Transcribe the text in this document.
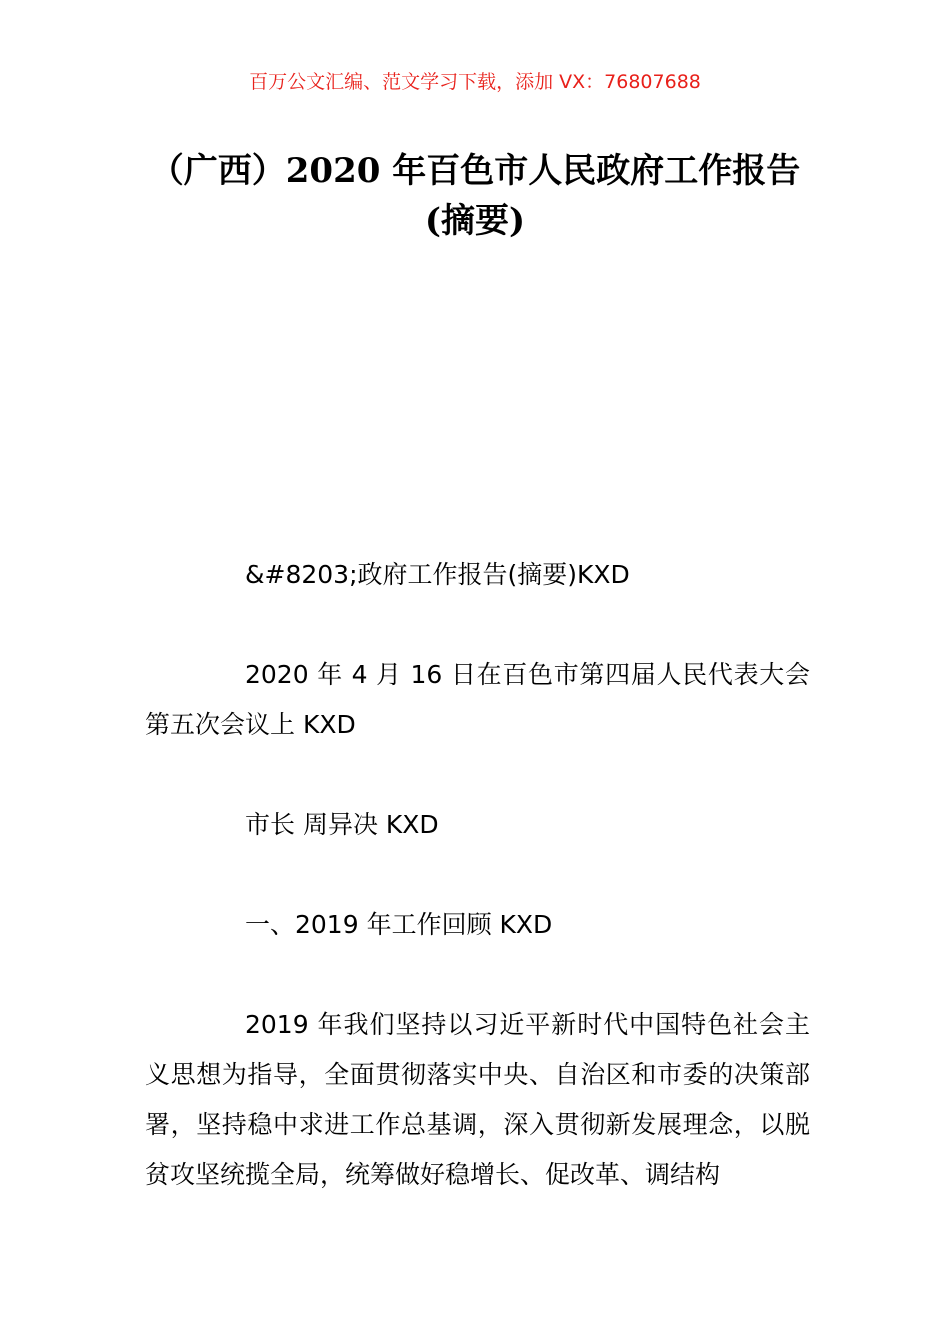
百万公文汇编、范文学习下载，添加 VX：76807688
（广西）2020 年百色市人民政府工作报告
(摘要)

&#8203;政府工作报告(摘要)KXD

2020 年 4 月 16 日在百色市第四届人民代表大会第五次会议上 KXD

市长 周异决 KXD

一、2019 年工作回顾 KXD

2019 年我们坚持以习近平新时代中国特色社会主义思想为指导，全面贯彻落实中央、自治区和市委的决策部署，坚持稳中求进工作总基调，深入贯彻新发展理念，以脱贫攻坚统揽全局，统筹做好稳增长、促改革、调结构
